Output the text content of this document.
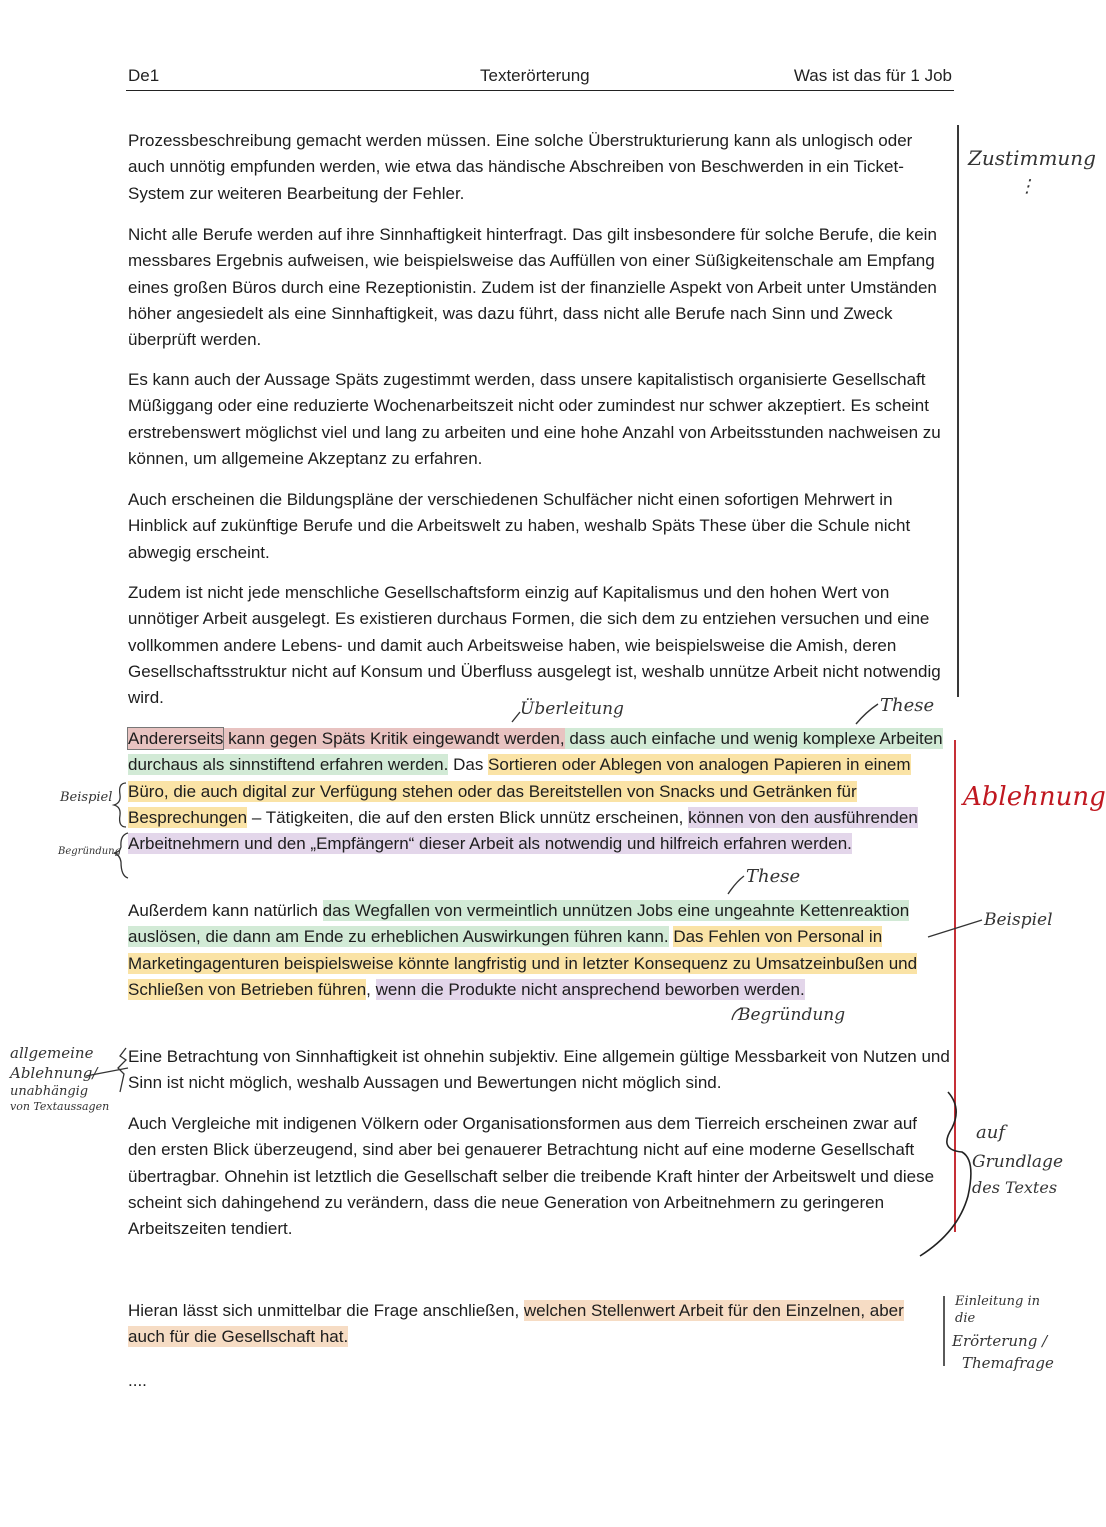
De1	Texterörterung	Was ist das für 1 Job

Prozessbeschreibung gemacht werden müssen. Eine solche Überstrukturierung kann als unlogisch oder auch unnötig empfunden werden, wie etwa das händische Abschreiben von Beschwerden in ein Ticket-System zur weiteren Bearbeitung der Fehler.

Nicht alle Berufe werden auf ihre Sinnhaftigkeit hinterfragt. Das gilt insbesondere für solche Berufe, die kein messbares Ergebnis aufweisen, wie beispielsweise das Auffüllen von einer Süßigkeitenschale am Empfang eines großen Büros durch eine Rezeptionistin. Zudem ist der finanzielle Aspekt von Arbeit unter Umständen höher angesiedelt als eine Sinnhaftigkeit, was dazu führt, dass nicht alle Berufe nach Sinn und Zweck überprüft werden.

Es kann auch der Aussage Späts zugestimmt werden, dass unsere kapitalistisch organisierte Gesellschaft Müßiggang oder eine reduzierte Wochenarbeitszeit nicht oder zumindest nur schwer akzeptiert. Es scheint erstrebenswert möglichst viel und lang zu arbeiten und eine hohe Anzahl von Arbeitsstunden nachweisen zu können, um allgemeine Akzeptanz zu erfahren.

Auch erscheinen die Bildungspläne der verschiedenen Schulfächer nicht einen sofortigen Mehrwert in Hinblick auf zukünftige Berufe und die Arbeitswelt zu haben, weshalb Späts These über die Schule nicht abwegig erscheint.

Zudem ist nicht jede menschliche Gesellschaftsform einzig auf Kapitalismus und den hohen Wert von unnötiger Arbeit ausgelegt. Es existieren durchaus Formen, die sich dem zu entziehen versuchen und eine vollkommen andere Lebens- und damit auch Arbeitsweise haben, wie beispielsweise die Amish, deren Gesellschaftsstruktur nicht auf Konsum und Überfluss ausgelegt ist, weshalb unnütze Arbeit nicht notwendig wird.

Andererseits kann gegen Späts Kritik eingewandt werden, dass auch einfache und wenig komplexe Arbeiten durchaus als sinnstiftend erfahren werden. Das Sortieren oder Ablegen von analogen Papieren in einem Büro, die auch digital zur Verfügung stehen oder das Bereitstellen von Snacks und Getränken für Besprechungen – Tätigkeiten, die auf den ersten Blick unnütz erscheinen, können von den ausführenden Arbeitnehmern und den „Empfängern“ dieser Arbeit als notwendig und hilfreich erfahren werden.

Außerdem kann natürlich das Wegfallen von vermeintlich unnützen Jobs eine ungeahnte Kettenreaktion auslösen, die dann am Ende zu erheblichen Auswirkungen führen kann. Das Fehlen von Personal in Marketingagenturen beispielsweise könnte langfristig und in letzter Konsequenz zu Umsatzeinbußen und Schließen von Betrieben führen, wenn die Produkte nicht ansprechend beworben werden.

Eine Betrachtung von Sinnhaftigkeit ist ohnehin subjektiv. Eine allgemein gültige Messbarkeit von Nutzen und Sinn ist nicht möglich, weshalb Aussagen und Bewertungen nicht möglich sind.

Auch Vergleiche mit indigenen Völkern oder Organisationsformen aus dem Tierreich erscheinen zwar auf den ersten Blick überzeugend, sind aber bei genauerer Betrachtung nicht auf eine moderne Gesellschaft übertragbar. Ohnehin ist letztlich die Gesellschaft selber die treibende Kraft hinter der Arbeitswelt und diese scheint sich dahingehend zu verändern, dass die neue Generation von Arbeitnehmern zu geringeren Arbeitszeiten tendiert.

Hieran lässt sich unmittelbar die Frage anschließen, welchen Stellenwert Arbeit für den Einzelnen, aber auch für die Gesellschaft hat.

....

Zustimmung
⋮
Überleitung	These
Beispiel
Begründung
Ablehnung
These
Beispiel
Begründung
allgemeine
Ablehnung/
unabhängig
von Textaussagen
auf
Grundlage
des Textes
Einleitung in
die
Erörterung /
Themafrage
